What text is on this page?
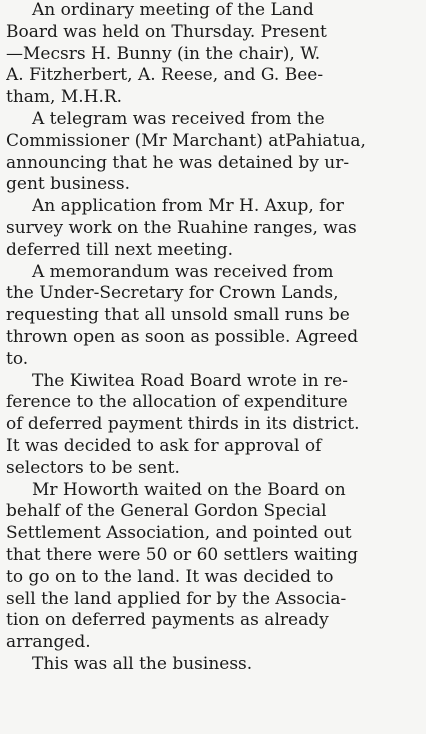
An ordinary meeting of the Land
Board was held on Thursday. Present
—Mecsrs H. Bunny (in the chair), W.
A. Fitzherbert, A. Reese, and G. Bee-
tham, M.H.R.
A telegram was received from the
Commissioner (Mr Marchant) atPahiatua,
announcing that he was detained by ur-
gent business.
An application from Mr H. Axup, for
survey work on the Ruahine ranges, was
deferred till next meeting.
A memorandum was received from
the Under-Secretary for Crown Lands,
requesting that all unsold small runs be
thrown open as soon as possible. Agreed
to.
The Kiwitea Road Board wrote in re-
ference to the allocation of expenditure
of deferred payment thirds in its district.
It was decided to ask for approval of
selectors to be sent.
Mr Howorth waited on the Board on
behalf of the General Gordon Special
Settlement Association, and pointed out
that there were 50 or 60 settlers waiting
to go on to the land. It was decided to
sell the land applied for by the Associa-
tion on deferred payments as already
arranged.
This was all the business.
